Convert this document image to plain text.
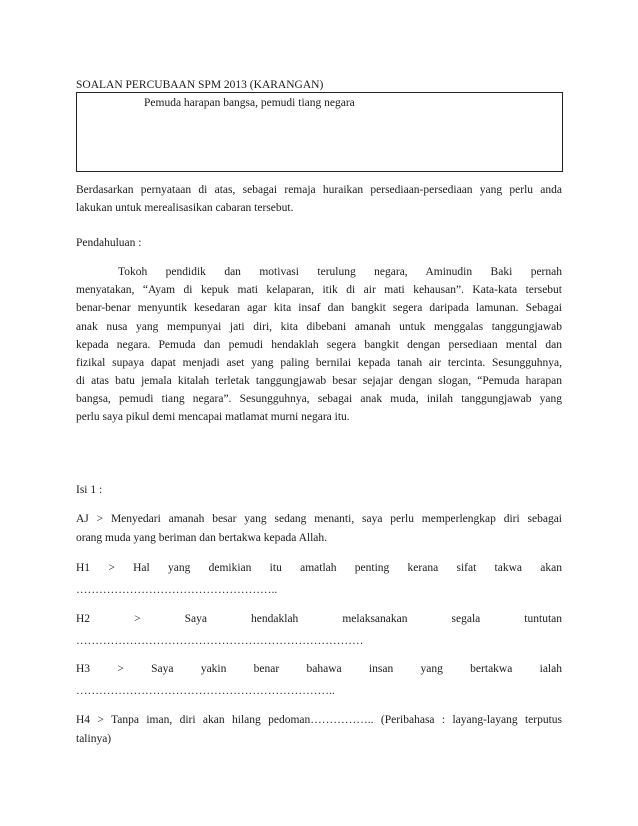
SOALAN PERCUBAAN SPM 2013 (KARANGAN)
Pemuda harapan bangsa, pemudi tiang negara
Berdasarkan pernyataan di atas, sebagai remaja huraikan persediaan-persediaan yang perlu anda
lakukan untuk merealisasikan cabaran tersebut.
Pendahuluan :
Tokoh pendidik dan motivasi terulung negara, Aminudin Baki pernah
menyatakan, “Ayam di kepuk mati kelaparan, itik di air mati kehausan”. Kata-kata tersebut
benar-benar menyuntik kesedaran agar kita insaf dan bangkit segera daripada lamunan. Sebagai
anak nusa yang mempunyai jati diri, kita dibebani amanah untuk menggalas tanggungjawab
kepada negara. Pemuda dan pemudi hendaklah segera bangkit dengan persediaan mental dan
fizikal supaya dapat menjadi aset yang paling bernilai kepada tanah air tercinta. Sesungguhnya,
di atas batu jemala kitalah terletak tanggungjawab besar sejajar dengan slogan, “Pemuda harapan
bangsa, pemudi tiang negara”. Sesungguhnya, sebagai anak muda, inilah tanggungjawab yang
perlu saya pikul demi mencapai matlamat murni negara itu.
Isi 1 :
AJ > Menyedari amanah besar yang sedang menanti, saya perlu memperlengkap diri sebagai
orang muda yang beriman dan bertakwa kepada Allah.
H1 > Hal yang demikian itu amatlah penting kerana sifat takwa akan
……………………………………………..
H2 > Saya hendaklah melaksanakan segala tuntutan
…………………………………………………………………
H3 > Saya yakin benar bahawa insan yang bertakwa ialah
…………………………………………………………..
H4 > Tanpa iman, diri akan hilang pedoman…………….. (Peribahasa : layang-layang terputus
talinya)
